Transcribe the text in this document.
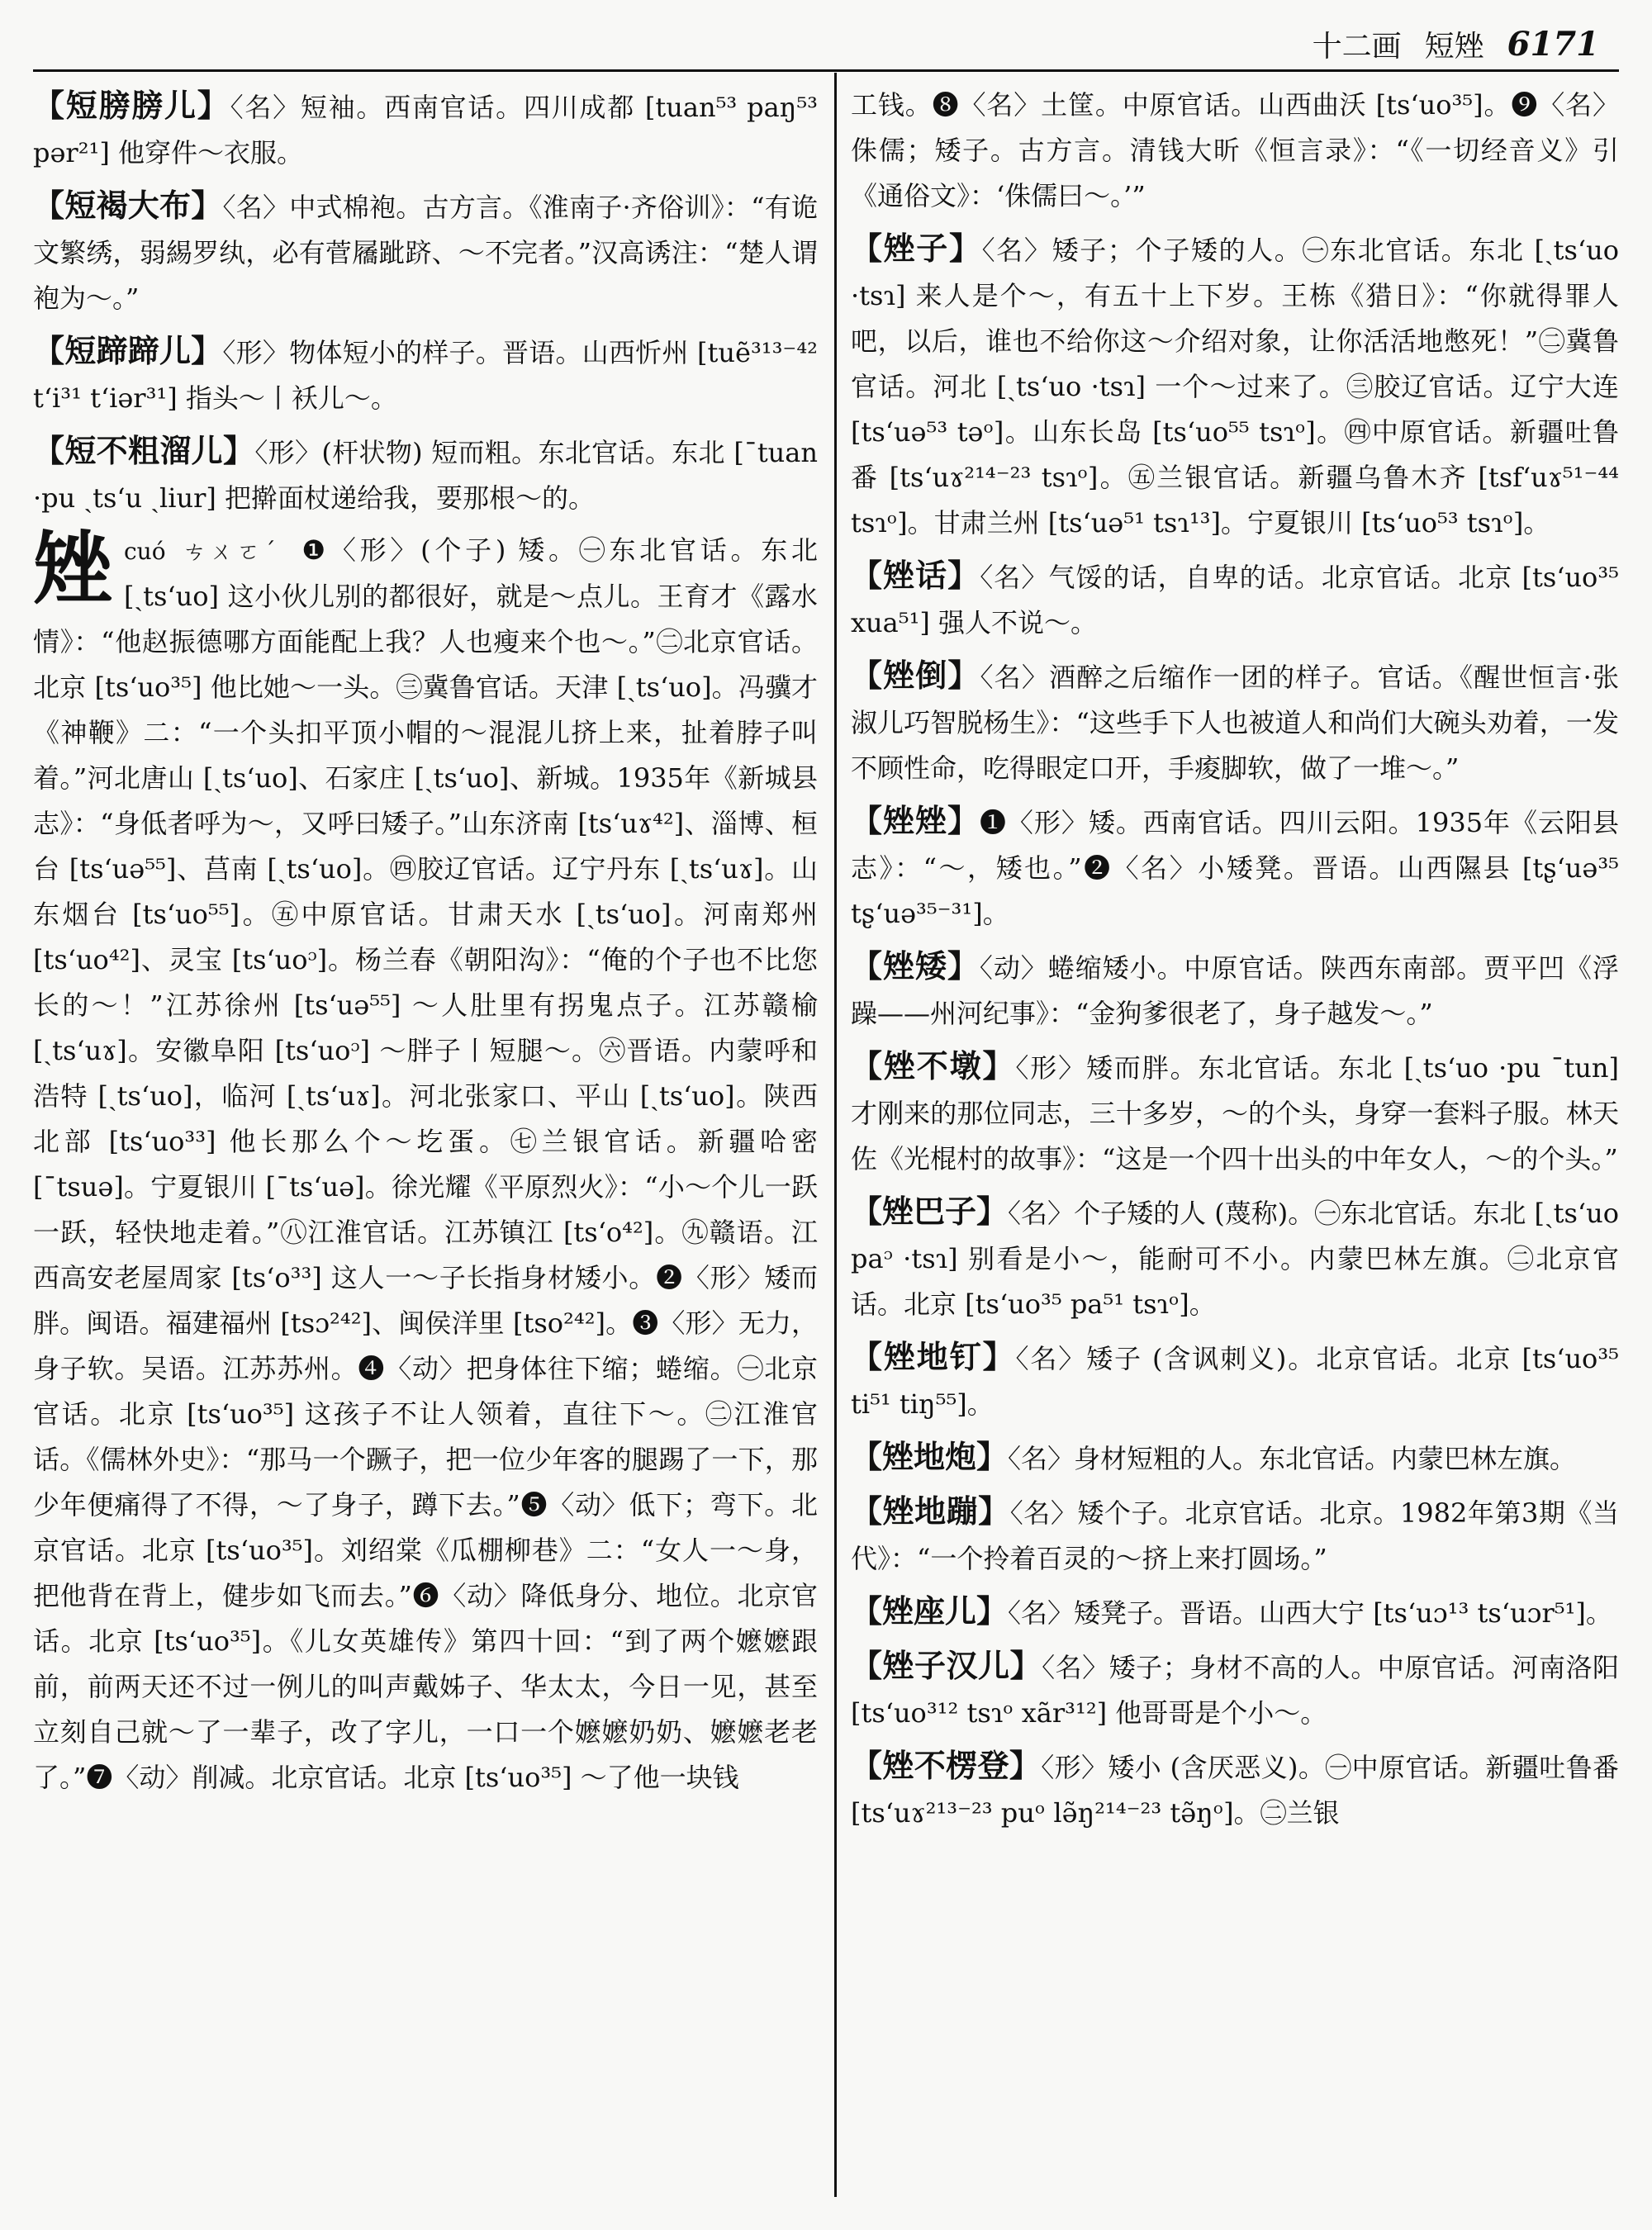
十二画 短矬 6171

【短膀膀儿】〈名〉短袖。西南官话。四川成都 [tuan⁵³ paŋ⁵³ pər²¹] 他穿件～衣服。

【短褐大布】〈名〉中式棉袍。古方言。《淮南子·齐俗训》：“有诡文繁绣，弱緆罗纨，必有菅屩跐跻、～不完者。”汉高诱注：“楚人谓袍为～。”

【短蹄蹄儿】〈形〉物体短小的样子。晋语。山西忻州 [tuẽ³¹³⁻⁴² tʻi³¹ tʻiər³¹] 指头～丨袄儿～。

【短不粗溜儿】〈形〉(杆状物) 短而粗。东北官话。东北 [ˉtuan ·pu ˏtsʻu ˏliur] 把擀面杖递给我，要那根～的。

矬 cuó ㄘㄨㄛˊ ❶〈形〉(个子) 矮。㊀东北官话。东北 [ˏtsʻuo] 这小伙儿别的都很好，就是～点儿。王育才《露水情》：“他赵振德哪方面能配上我？人也瘦来个也～。”㊁北京官话。北京 [tsʻuo³⁵] 他比她～一头。㊂冀鲁官话。天津 [ˏtsʻuo]。冯骥才《神鞭》二：“一个头扣平顶小帽的～混混儿挤上来，扯着脖子叫着。”河北唐山 [ˏtsʻuo]、石家庄 [ˏtsʻuo]、新城。1935年《新城县志》：“身低者呼为～，又呼曰矮子。”山东济南 [tsʻuɤ⁴²]、淄博、桓台 [tsʻuə⁵⁵]、莒南 [ˏtsʻuo]。㊃胶辽官话。辽宁丹东 [ˏtsʻuɤ]。山东烟台 [tsʻuo⁵⁵]。㊄中原官话。甘肃天水 [ˏtsʻuo]。河南郑州 [tsʻuo⁴²]、灵宝 [tsʻuoᵓ]。杨兰春《朝阳沟》：“俺的个子也不比您长的～！”江苏徐州 [tsʻuə⁵⁵] ～人肚里有拐鬼点子。江苏赣榆 [ˏtsʻuɤ]。安徽阜阳 [tsʻuoᵓ] ～胖子丨短腿～。㊅晋语。内蒙呼和浩特 [ˏtsʻuo]，临河 [ˏtsʻuɤ]。河北张家口、平山 [ˏtsʻuo]。陕西北部 [tsʻuo³³] 他长那么个～圪蛋。㊆兰银官话。新疆哈密 [ˉtsuə]。宁夏银川 [ˉtsʻuə]。徐光耀《平原烈火》：“小～个儿一跃一跃，轻快地走着。”㊇江淮官话。江苏镇江 [tsʻo⁴²]。㊈赣语。江西高安老屋周家 [tsʻo³³] 这人一～子长指身材矮小。❷〈形〉矮而胖。闽语。福建福州 [tsɔ²⁴²]、闽侯洋里 [tso²⁴²]。❸〈形〉无力，身子软。吴语。江苏苏州。❹〈动〉把身体往下缩；蜷缩。㊀北京官话。北京 [tsʻuo³⁵] 这孩子不让人领着，直往下～。㊁江淮官话。《儒林外史》：“那马一个蹶子，把一位少年客的腿踢了一下，那少年便痛得了不得，～了身子，蹲下去。”❺〈动〉低下；弯下。北京官话。北京 [tsʻuo³⁵]。刘绍棠《瓜棚柳巷》二：“女人一～身，把他背在背上，健步如飞而去。”❻〈动〉降低身分、地位。北京官话。北京 [tsʻuo³⁵]。《儿女英雄传》第四十回：“到了两个嬷嬷跟前，前两天还不过一例儿的叫声戴姊子、华太太，今日一见，甚至立刻自己就～了一辈子，改了字儿，一口一个嬷嬷奶奶、嬷嬷老老了。”❼〈动〉削减。北京官话。北京 [tsʻuo³⁵] ～了他一块钱

工钱。❽〈名〉土筐。中原官话。山西曲沃 [tsʻuo³⁵]。❾〈名〉侏儒；矮子。古方言。清钱大昕《恒言录》：“《一切经音义》引《通俗文》：‘侏儒曰～。’”

【矬子】〈名〉矮子；个子矮的人。㊀东北官话。东北 [ˏtsʻuo ·tsɿ] 来人是个～，有五十上下岁。王栋《猎日》：“你就得罪人吧，以后，谁也不给你这～介绍对象，让你活活地憋死！”㊁冀鲁官话。河北 [ˏtsʻuo ·tsɿ] 一个～过来了。㊂胶辽官话。辽宁大连 [tsʻuə⁵³ təᵒ]。山东长岛 [tsʻuo⁵⁵ tsɿᵒ]。㊃中原官话。新疆吐鲁番 [tsʻuɤ²¹⁴⁻²³ tsɿᵒ]。㊄兰银官话。新疆乌鲁木齐 [tsfʻuɤ⁵¹⁻⁴⁴ tsɿᵒ]。甘肃兰州 [tsʻuə⁵¹ tsɿ¹³]。宁夏银川 [tsʻuo⁵³ tsɿᵒ]。

【矬话】〈名〉气馁的话，自卑的话。北京官话。北京 [tsʻuo³⁵ xua⁵¹] 强人不说～。

【矬倒】〈名〉酒醉之后缩作一团的样子。官话。《醒世恒言·张淑儿巧智脱杨生》：“这些手下人也被道人和尚们大碗头劝着，一发不顾性命，吃得眼定口开，手痠脚软，做了一堆～。”

【矬矬】❶〈形〉矮。西南官话。四川云阳。1935年《云阳县志》：“～，矮也。”❷〈名〉小矮凳。晋语。山西隰县 [tʂʻuə³⁵ tʂʻuə³⁵⁻³¹]。

【矬矮】〈动〉蜷缩矮小。中原官话。陕西东南部。贾平凹《浮躁——州河纪事》：“金狗爹很老了，身子越发～。”

【矬不墩】〈形〉矮而胖。东北官话。东北 [ˏtsʻuo ·pu ˉtun] 才刚来的那位同志，三十多岁，～的个头，身穿一套料子服。林天佐《光棍村的故事》：“这是一个四十出头的中年女人，～的个头。”

【矬巴子】〈名〉个子矮的人 (蔑称)。㊀东北官话。东北 [ˏtsʻuo paᵓ ·tsɿ] 别看是小～，能耐可不小。内蒙巴林左旗。㊁北京官话。北京 [tsʻuo³⁵ pa⁵¹ tsɿᵒ]。

【矬地钉】〈名〉矮子 (含讽刺义)。北京官话。北京 [tsʻuo³⁵ ti⁵¹ tiŋ⁵⁵]。

【矬地炮】〈名〉身材短粗的人。东北官话。内蒙巴林左旗。

【矬地蹦】〈名〉矮个子。北京官话。北京。1982年第3期《当代》：“一个拎着百灵的～挤上来打圆场。”

【矬座儿】〈名〉矮凳子。晋语。山西大宁 [tsʻuɔ¹³ tsʻuɔr⁵¹]。

【矬子汉儿】〈名〉矮子；身材不高的人。中原官话。河南洛阳 [tsʻuo³¹² tsɿᵒ xãr³¹²] 他哥哥是个小～。

【矬不楞登】〈形〉矮小 (含厌恶义)。㊀中原官话。新疆吐鲁番 [tsʻuɤ²¹³⁻²³ puᵒ lə̃ŋ²¹⁴⁻²³ tə̃ŋᵒ]。㊁兰银
